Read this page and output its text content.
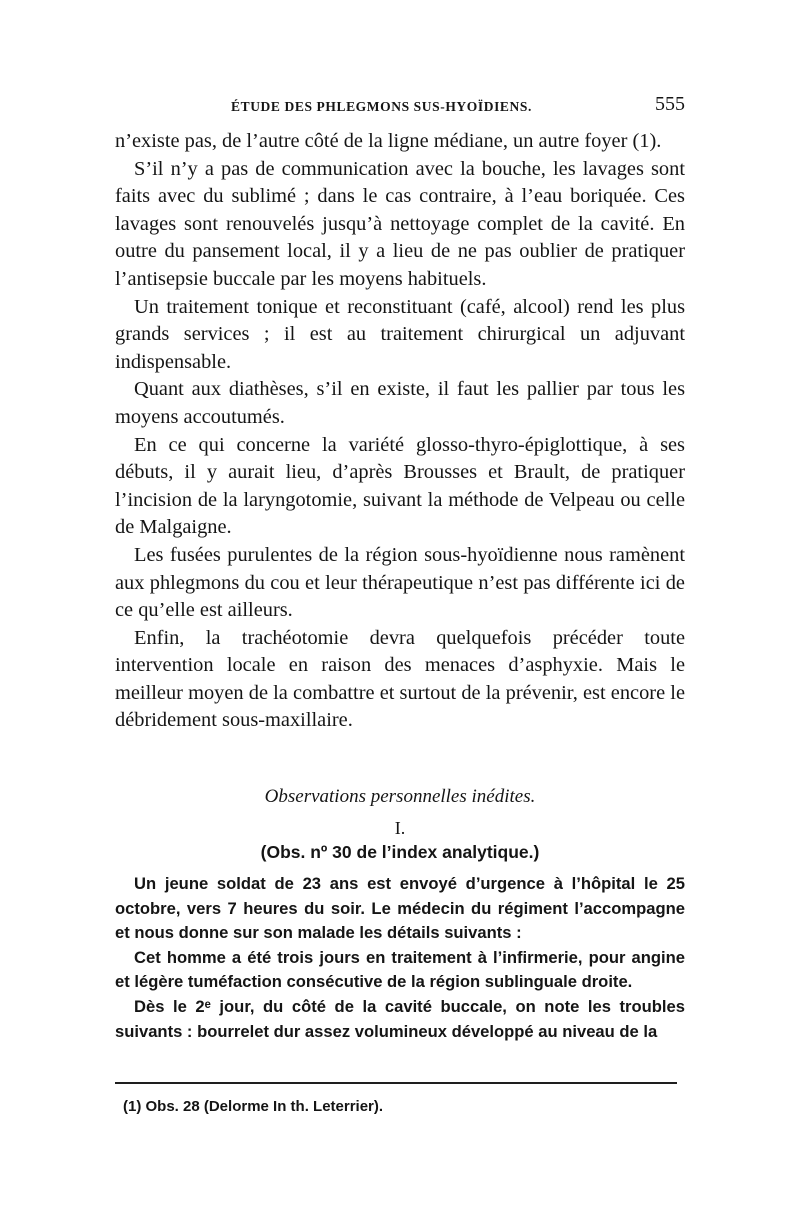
ÉTUDE DES PHLEGMONS SUS-HYOÏDIENS.	555

n’existe pas, de l’autre côté de la ligne médiane, un autre foyer (1).

S’il n’y a pas de communication avec la bouche, les lavages sont faits avec du sublimé ; dans le cas contraire, à l’eau boriquée. Ces lavages sont renouvelés jusqu’à nettoyage complet de la cavité. En outre du pansement local, il y a lieu de ne pas oublier de pratiquer l’antisepsie buccale par les moyens habituels.

Un traitement tonique et reconstituant (café, alcool) rend les plus grands services ; il est au traitement chirurgical un adjuvant indispensable.

Quant aux diathèses, s’il en existe, il faut les pallier par tous les moyens accoutumés.

En ce qui concerne la variété glosso-thyro-épiglottique, à ses débuts, il y aurait lieu, d’après Brousses et Brault, de pratiquer l’incision de la laryngotomie, suivant la méthode de Velpeau ou celle de Malgaigne.

Les fusées purulentes de la région sous-hyoïdienne nous ramènent aux phlegmons du cou et leur thérapeutique n’est pas différente ici de ce qu’elle est ailleurs.

Enfin, la trachéotomie devra quelquefois précéder toute intervention locale en raison des menaces d’asphyxie. Mais le meilleur moyen de la combattre et surtout de la prévenir, est encore le débridement sous-maxillaire.

Observations personnelles inédites.
I.
(Obs. nº 30 de l’index analytique.)

Un jeune soldat de 23 ans est envoyé d’urgence à l’hôpital le 25 octobre, vers 7 heures du soir. Le médecin du régiment l’accompagne et nous donne sur son malade les détails suivants :

Cet homme a été trois jours en traitement à l’infirmerie, pour angine et légère tuméfaction consécutive de la région sublinguale droite.

Dès le 2ᵉ jour, du côté de la cavité buccale, on note les troubles suivants : bourrelet dur assez volumineux développé au niveau de la

(1) Obs. 28 (Delorme In th. Leterrier).
